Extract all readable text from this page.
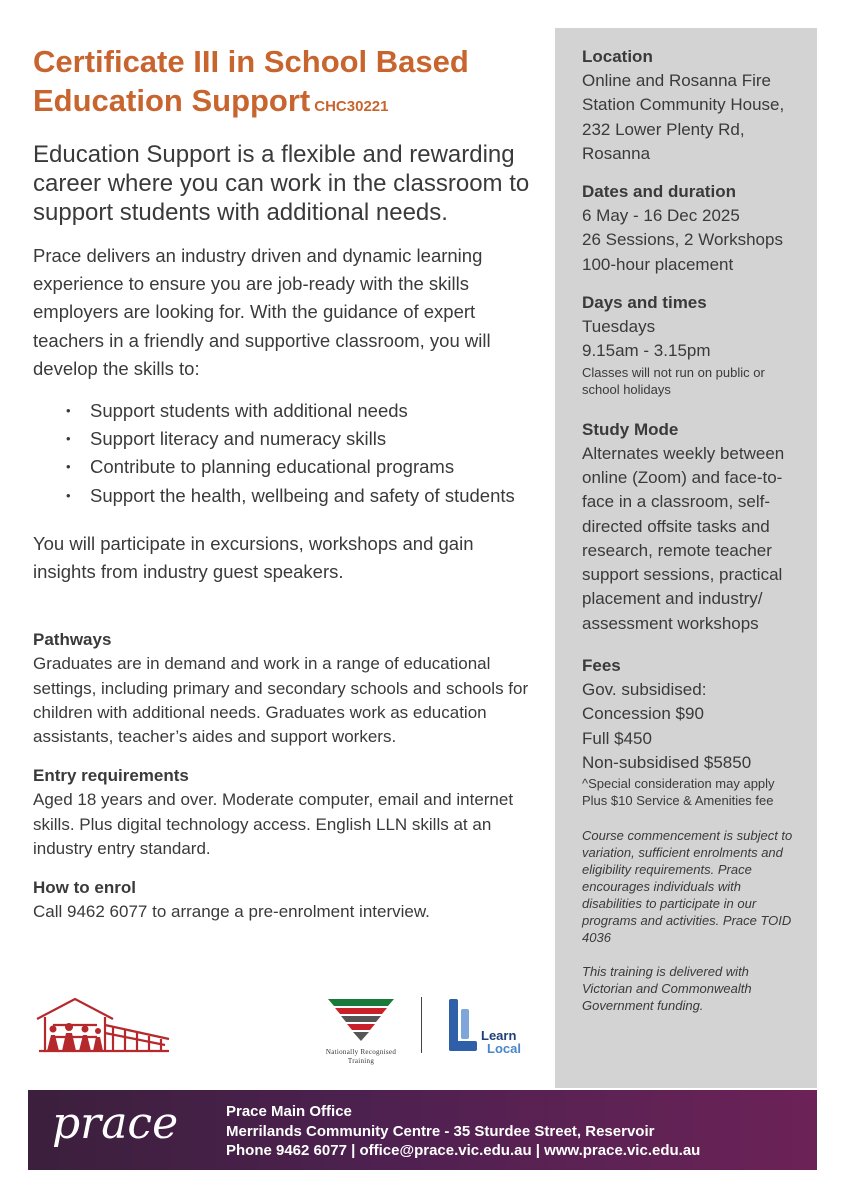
Certificate III in School Based
Education Support CHC30221

Education Support is a flexible and rewarding career where you can work in the classroom to support students with additional needs.

Prace delivers an industry driven and dynamic learning experience to ensure you are job-ready with the skills employers are looking for. With the guidance of expert teachers in a friendly and supportive classroom, you will develop the skills to:

• Support students with additional needs
• Support literacy and numeracy skills
• Contribute to planning educational programs
• Support the health, wellbeing and safety of students

You will participate in excursions, workshops and gain insights from industry guest speakers.

Pathways
Graduates are in demand and work in a range of educational settings, including primary and secondary schools and schools for children with additional needs. Graduates work as education assistants, teacher’s aides and support workers.
Entry requirements
Aged 18 years and over. Moderate computer, email and internet skills. Plus digital technology access. English LLN skills at an industry entry standard.
How to enrol
Call 9462 6077 to arrange a pre-enrolment interview.
Nationally Recognised
Training
Learn
Local
Location
Online and Rosanna Fire Station Community House, 232 Lower Plenty Rd, Rosanna
Dates and duration
6 May - 16 Dec 2025
26 Sessions, 2 Workshops
100-hour placement
Days and times
Tuesdays
9.15am - 3.15pm
Classes will not run on public or school holidays
Study Mode
Alternates weekly between online (Zoom) and face-to-face in a classroom, self-directed offsite tasks and research, remote teacher support sessions, practical placement and industry/ assessment workshops
Fees
Gov. subsidised:
Concession $90
Full $450
Non-subsidised $5850
^Special consideration may apply
Plus $10 Service & Amenities fee
Course commencement is subject to variation, sufficient enrolments and eligibility requirements. Prace encourages individuals with disabilities to participate in our programs and activities. Prace TOID 4036
This training is delivered with Victorian and Commonwealth Government funding.
prace	Prace Main Office
Merrilands Community Centre - 35 Sturdee Street, Reservoir
Phone 9462 6077 | office@prace.vic.edu.au | www.prace.vic.edu.au
